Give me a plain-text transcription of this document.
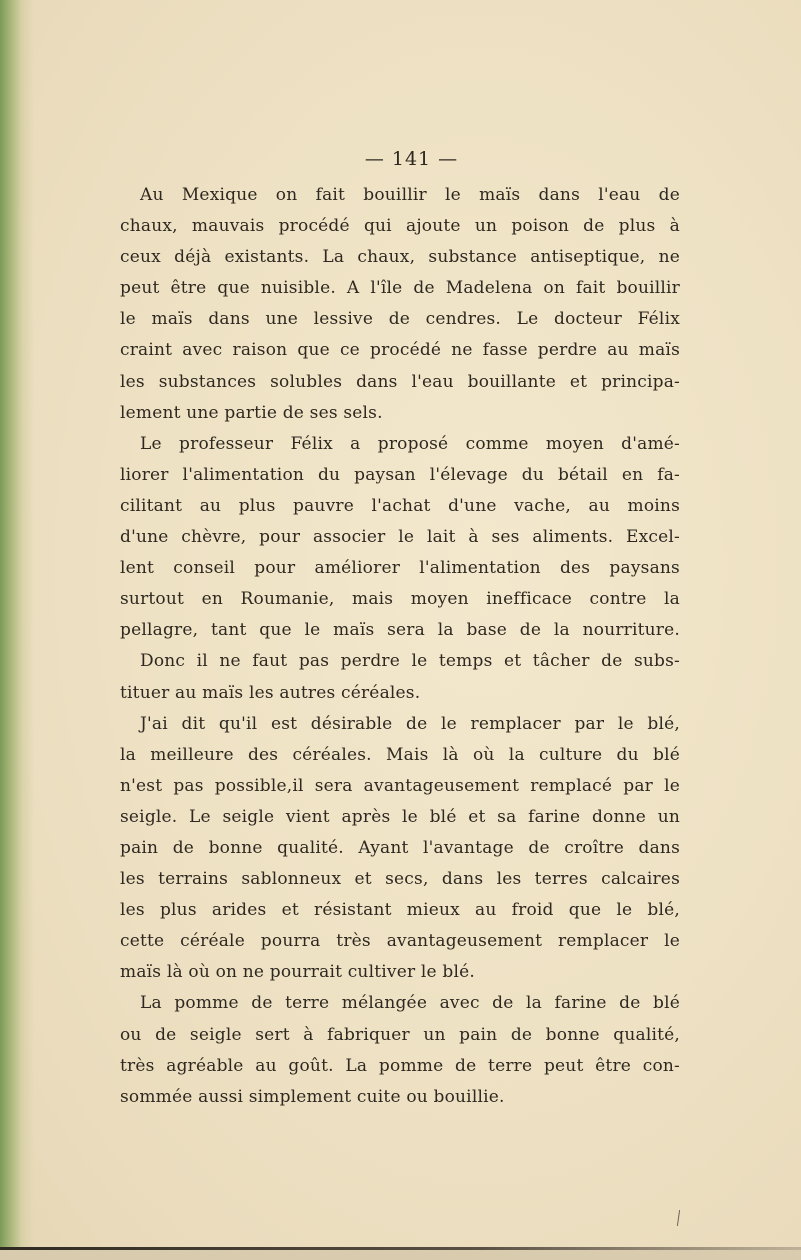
— 141 —
Au Mexique on fait bouillir le maïs dans l'eau de
chaux, mauvais procédé qui ajoute un poison de plus à
ceux déjà existants. La chaux, substance antiseptique, ne
peut être que nuisible. A l'île de Madelena on fait bouillir
le maïs dans une lessive de cendres. Le docteur Félix
craint avec raison que ce procédé ne fasse perdre au maïs
les substances solubles dans l'eau bouillante et principa-
lement une partie de ses sels.
Le professeur Félix a proposé comme moyen d'amé-
liorer l'alimentation du paysan l'élevage du bétail en fa-
cilitant au plus pauvre l'achat d'une vache, au moins
d'une chèvre, pour associer le lait à ses aliments. Excel-
lent conseil pour améliorer l'alimentation des paysans
surtout en Roumanie, mais moyen inefficace contre la
pellagre, tant que le maïs sera la base de la nourriture.
Donc il ne faut pas perdre le temps et tâcher de subs-
tituer au maïs les autres céréales.
J'ai dit qu'il est désirable de le remplacer par le blé,
la meilleure des céréales. Mais là où la culture du blé
n'est pas possible,il sera avantageusement remplacé par le
seigle. Le seigle vient après le blé et sa farine donne un
pain de bonne qualité. Ayant l'avantage de croître dans
les terrains sablonneux et secs, dans les terres calcaires
les plus arides et résistant mieux au froid que le blé,
cette céréale pourra très avantageusement remplacer le
maïs là où on ne pourrait cultiver le blé.
La pomme de terre mélangée avec de la farine de blé
ou de seigle sert à fabriquer un pain de bonne qualité,
très agréable au goût. La pomme de terre peut être con-
sommée aussi simplement cuite ou bouillie.
